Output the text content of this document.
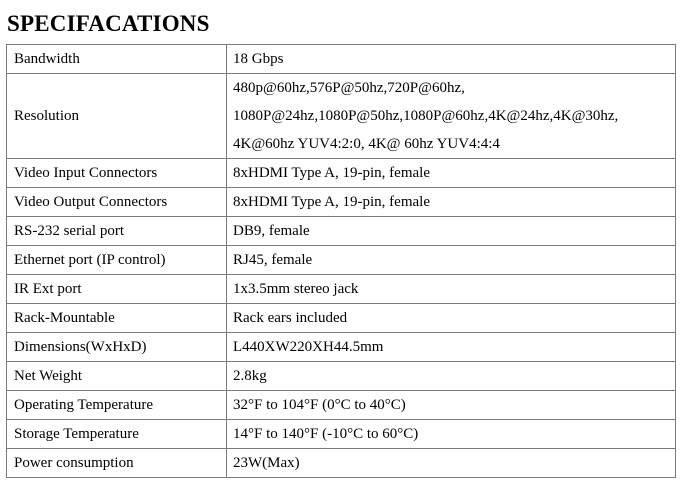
SPECIFACATIONS
Bandwidth	18 Gbps
Resolution	480p@60hz,576P@50hz,720P@60hz,
1080P@24hz,1080P@50hz,1080P@60hz,4K@24hz,4K@30hz,
4K@60hz YUV4:2:0, 4K@ 60hz YUV4:4:4

Video Input Connectors	8xHDMI Type A, 19-pin, female
Video Output Connectors	8xHDMI Type A, 19-pin, female
RS-232 serial port	DB9, female
Ethernet port (IP control)	RJ45, female
IR Ext port	1x3.5mm stereo jack
Rack-Mountable	Rack ears included
Dimensions(WxHxD)	L440XW220XH44.5mm
Net Weight	2.8kg
Operating Temperature	32°F to 104°F (0°C to 40°C)
Storage Temperature	14°F to 140°F (-10°C to 60°C)
Power consumption	23W(Max)
